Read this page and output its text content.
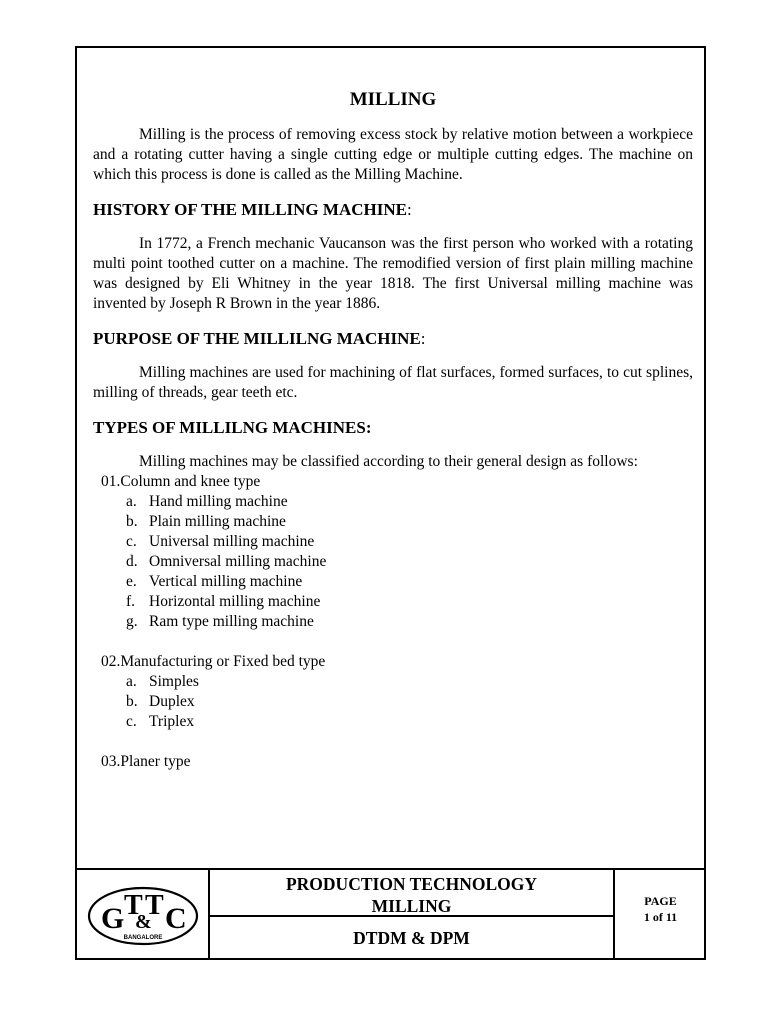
MILLING

Milling is the process of removing excess stock by relative motion between a workpiece and a rotating cutter having a single cutting edge or multiple cutting edges. The machine on which this process is done is called as the Milling Machine.

HISTORY OF THE MILLING MACHINE:

In 1772, a French mechanic Vaucanson was the first person who worked with a rotating multi point toothed cutter on a machine. The remodified version of first plain milling machine was designed by Eli Whitney in the year 1818. The first Universal milling machine was invented by Joseph R Brown in the year 1886.

PURPOSE OF THE MILLILNG MACHINE:

Milling machines are used for machining of flat surfaces, formed surfaces, to cut splines, milling of threads, gear teeth etc.

TYPES OF MILLILNG MACHINES:

Milling machines may be classified according to their general design as follows:

01.Column and knee type
a. Hand milling machine
b. Plain milling machine
c. Universal milling machine
d. Omniversal milling machine
e. Vertical milling machine
f. Horizontal milling machine
g. Ram type milling machine
02.Manufacturing or Fixed bed type
a. Simples
b. Duplex
c. Triplex
03.Planer type
G T
&
T C
BANGALORE
PRODUCTION TECHNOLOGY
MILLING
DTDM & DPM
PAGE
1 of 11
